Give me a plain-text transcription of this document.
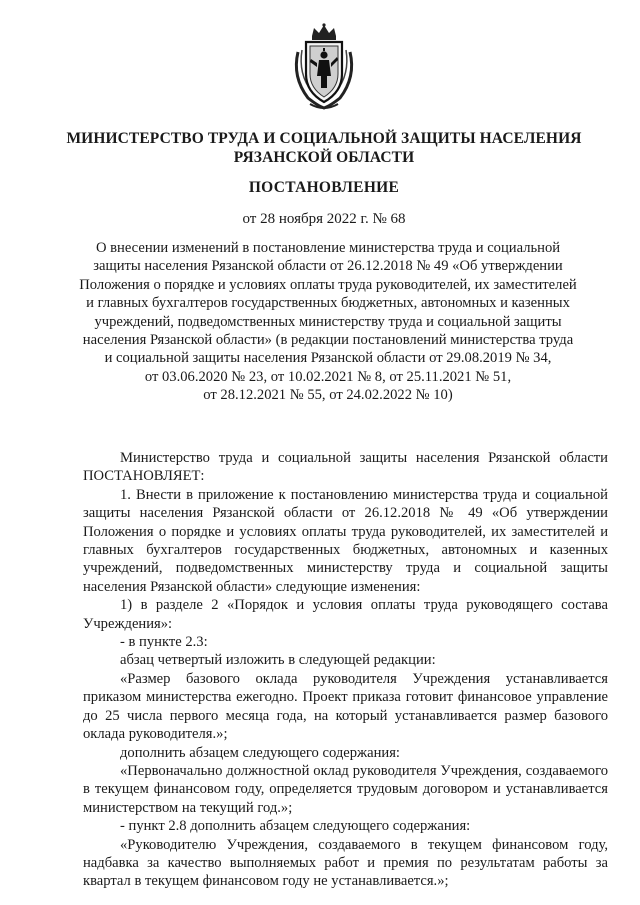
МИНИСТЕРСТВО ТРУДА И СОЦИАЛЬНОЙ ЗАЩИТЫ НАСЕЛЕНИЯ
РЯЗАНСКОЙ ОБЛАСТИ
ПОСТАНОВЛЕНИЕ
от 28 ноября 2022 г. № 68
О внесении изменений в постановление министерства труда и социальной
защиты населения Рязанской области от 26.12.2018 № 49 «Об утверждении
Положения о порядке и условиях оплаты труда руководителей, их заместителей
и главных бухгалтеров государственных бюджетных, автономных и казенных
учреждений, подведомственных министерству труда и социальной защиты
населения Рязанской области» (в редакции постановлений министерства труда
и социальной защиты населения Рязанской области от 29.08.2019 № 34,
от 03.06.2020 № 23, от 10.02.2021 № 8, от 25.11.2021 № 51,
от 28.12.2021 № 55, от 24.02.2022 № 10)

Министерство труда и социальной защиты населения Рязанской области ПОСТАНОВЛЯЕТ:

1. Внести в приложение к постановлению министерства труда и социальной защиты населения Рязанской области от 26.12.2018 № 49 «Об утверждении Положения о порядке и условиях оплаты труда руководителей, их заместителей и главных бухгалтеров государственных бюджетных, автономных и казенных учреждений, подведомственных министерству труда и социальной защиты населения Рязанской области» следующие изменения:

1) в разделе 2 «Порядок и условия оплаты труда руководящего состава Учреждения»:

- в пункте 2.3:

абзац четвертый изложить в следующей редакции:

«Размер базового оклада руководителя Учреждения устанавливается приказом министерства ежегодно. Проект приказа готовит финансовое управление до 25 числа первого месяца года, на который устанавливается размер базового оклада руководителя.»;

дополнить абзацем следующего содержания:

«Первоначально должностной оклад руководителя Учреждения, создаваемого в текущем финансовом году, определяется трудовым договором и устанавливается министерством на текущий год.»;

- пункт 2.8 дополнить абзацем следующего содержания:

«Руководителю Учреждения, создаваемого в текущем финансовом году, надбавка за качество выполняемых работ и премия по результатам работы за квартал в текущем финансовом году не устанавливается.»;
